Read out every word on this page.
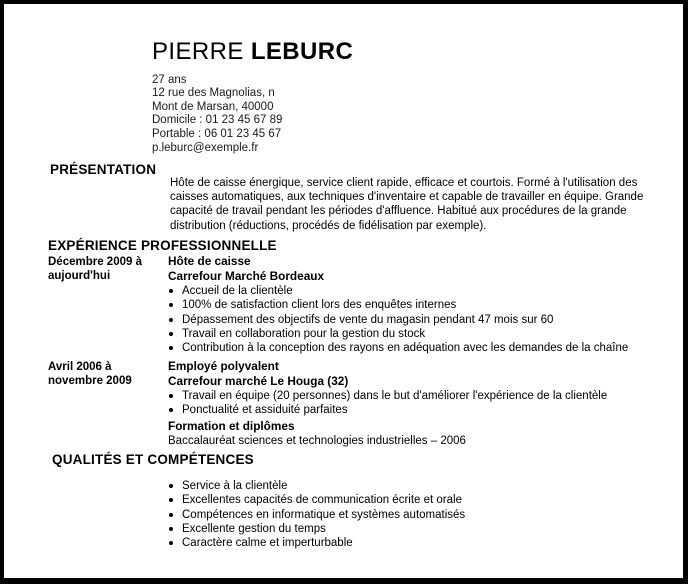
PIERRE LEBURC
27 ans
12 rue des Magnolias, n
Mont de Marsan, 40000
Domicile : 01 23 45 67 89
Portable : 06 01 23 45 67
p.leburc@exemple.fr
PRÉSENTATION
Hôte de caisse énergique, service client rapide, efficace et courtois. Formé à l'utilisation des caisses automatiques, aux techniques d'inventaire et capable de travailler en équipe. Grande capacité de travail pendant les périodes d'affluence. Habitué aux procédures de la grande distribution (réductions, procédés de fidélisation par exemple).
EXPÉRIENCE PROFESSIONNELLE
Décembre 2009 à aujourd'hui
Hôte de caisse
Carrefour Marché Bordeaux
Accueil de la clientèle
100% de satisfaction client lors des enquêtes internes
Dépassement des objectifs de vente du magasin pendant 47 mois sur 60
Travail en collaboration pour la gestion du stock
Contribution à la conception des rayons en adéquation avec les demandes de la chaîne
Avril 2006 à novembre 2009
Employé polyvalent
Carrefour marché Le Houga (32)
Travail en équipe (20 personnes) dans le but d'améliorer l'expérience de la clientèle
Ponctualité et assiduité parfaites
Formation et diplômes
Baccalauréat sciences et technologies industrielles – 2006
QUALITÉS ET COMPÉTENCES
Service à la clientèle
Excellentes capacités de communication écrite et orale
Compétences en informatique et systèmes automatisés
Excellente gestion du temps
Caractère calme et imperturbable
